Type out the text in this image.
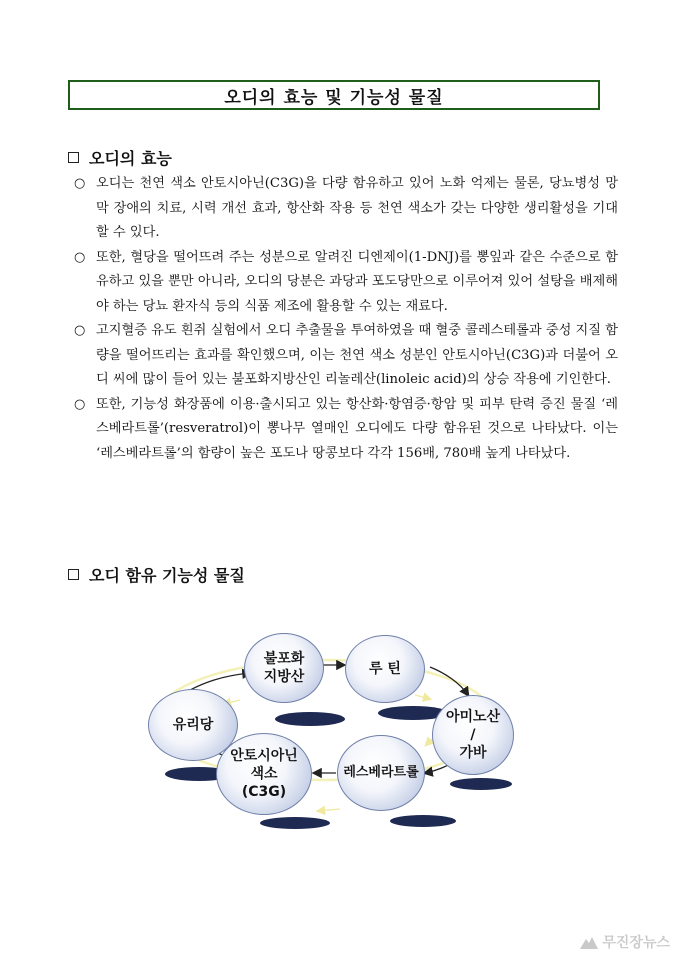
오디의 효능 및 기능성 물질
오디의 효능
○ 오디는 천연 색소 안토시아닌(C3G)을 다량 함유하고 있어 노화 억제는 물론, 당뇨병성 망막 장애의 치료, 시력 개선 효과, 항산화 작용 등 천연 색소가 갖는 다양한 생리활성을 기대할 수 있다.
○ 또한, 혈당을 떨어뜨려 주는 성분으로 알려진 디엔제이(1-DNJ)를 뽕잎과 같은 수준으로 함유하고 있을 뿐만 아니라, 오디의 당분은 과당과 포도당만으로 이루어져 있어 설탕을 배제해야 하는 당뇨 환자식 등의 식품 제조에 활용할 수 있는 재료다.
○ 고지혈증 유도 흰쥐 실험에서 오디 추출물을 투여하였을 때 혈중 콜레스테롤과 중성 지질 함량을 떨어뜨리는 효과를 확인했으며, 이는 천연 색소 성분인 안토시아닌(C3G)과 더불어 오디 씨에 많이 들어 있는 불포화지방산인 리놀레산(linoleic acid)의 상승 작용에 기인한다.
○ 또한, 기능성 화장품에 이용·출시되고 있는 항산화·항염증·항암 및 피부 탄력 증진 물질 ‘레스베라트롤’(resveratrol)이 뽕나무 열매인 오디에도 다량 함유된 것으로 나타났다. 이는 ‘레스베라트롤’의 함량이 높은 포도나 땅콩보다 각각 156배, 780배 높게 나타났다.
오디 함유 기능성 물질
불포화
지방산	루 틴
아미노산
/
가바
레스베라트롤
안토시아닌
색소
(C3G)
유리당
무진장뉴스
